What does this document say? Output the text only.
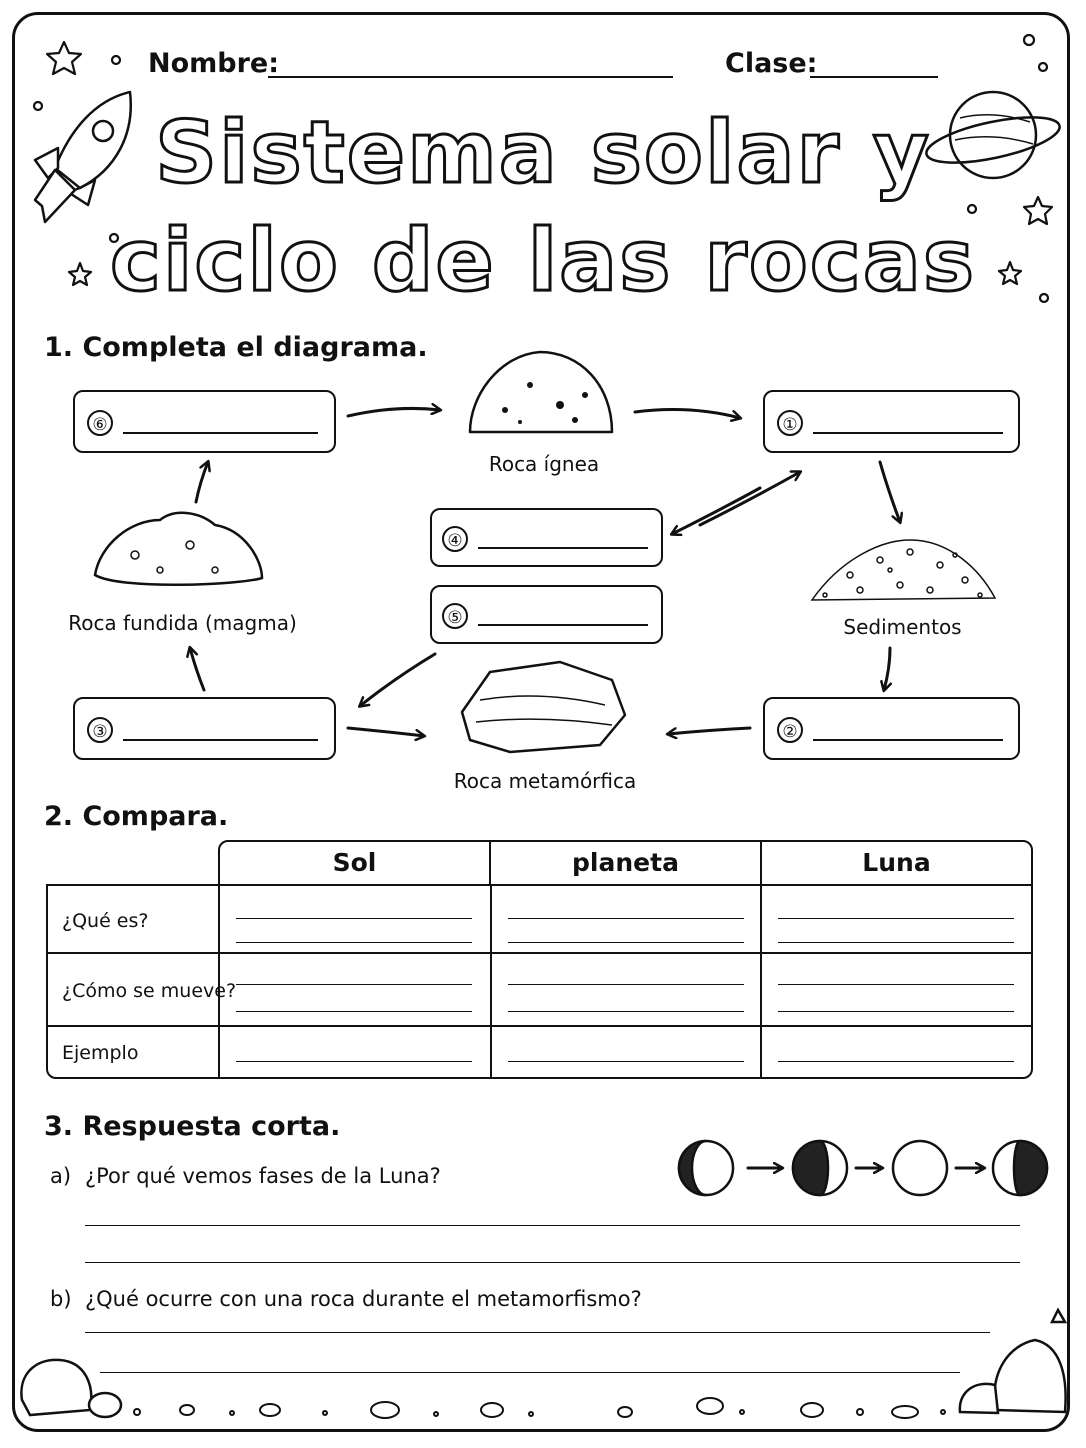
Nombre:	Clase:
Sistema solar y
ciclo de las rocas
1. Completa el diagrama.
⑥	①
④
⑤
③	②
Roca ígnea
Roca fundida (magma)	Sedimentos
Roca metamórfica
2. Compara.
Sol	planeta	Luna
¿Qué es?
¿Cómo se mueve?
Ejemplo
3. Respuesta corta.
a) ¿Por qué vemos fases de la Luna?
b) ¿Qué ocurre con una roca durante el metamorfismo?
